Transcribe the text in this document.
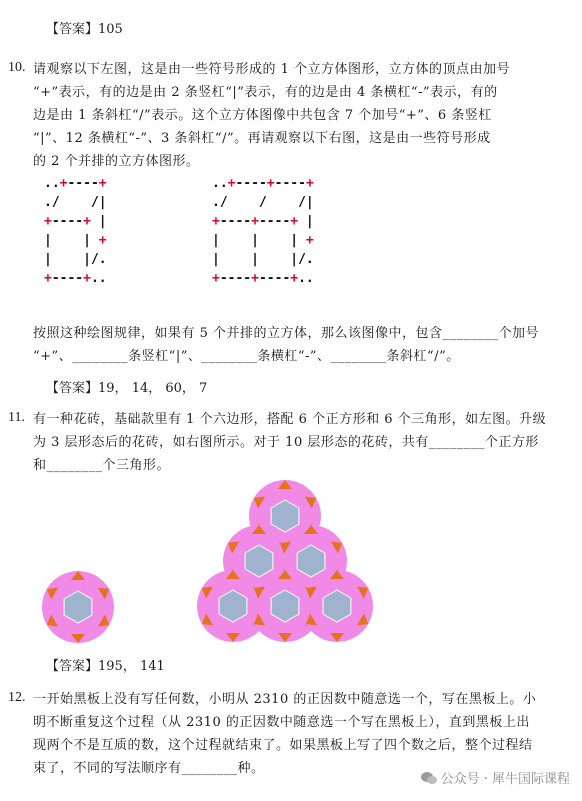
【答案】105
10. 请观察以下左图，这是由一些符号形成的 1 个立方体图形，立方体的顶点由加号
“+”表示，有的边是由 2 条竖杠“|”表示，有的边是由 4 条横杠“-”表示，有的
边是由 1 条斜杠“/”表示。这个立方体图像中共包含 7 个加号“+”、6 条竖杠
“|”、12 条横杠“-”、3 条斜杠“/”。再请观察以下右图，这是由一些符号形成
的 2 个并排的立方体图形。
..+----+
./    /|
+----+ |
|    | +
|    |/.
+----+..
..+----+----+
./    /    /|
+----+----+ |
|    |    | +
|    |    |/.
+----+----+..
按照这种绘图规律，如果有 5 个并排的立方体，那么该图像中，包含________个加号
“+”、________条竖杠“|”、________条横杠“-”、________条斜杠“/”。
【答案】19， 14， 60， 7
11. 有一种花砖，基础款里有 1 个六边形，搭配 6 个正方形和 6 个三角形，如左图。升级
为 3 层形态后的花砖，如右图所示。对于 10 层形态的花砖，共有________个正方形
和________个三角形。
【答案】195， 141
12. 一开始黑板上没有写任何数，小明从 2310 的正因数中随意选一个，写在黑板上。小
明不断重复这个过程（从 2310 的正因数中随意选一个写在黑板上），直到黑板上出
现两个不是互质的数，这个过程就结束了。如果黑板上写了四个数之后，整个过程结
束了，不同的写法顺序有________种。
公众号 · 犀牛国际课程
